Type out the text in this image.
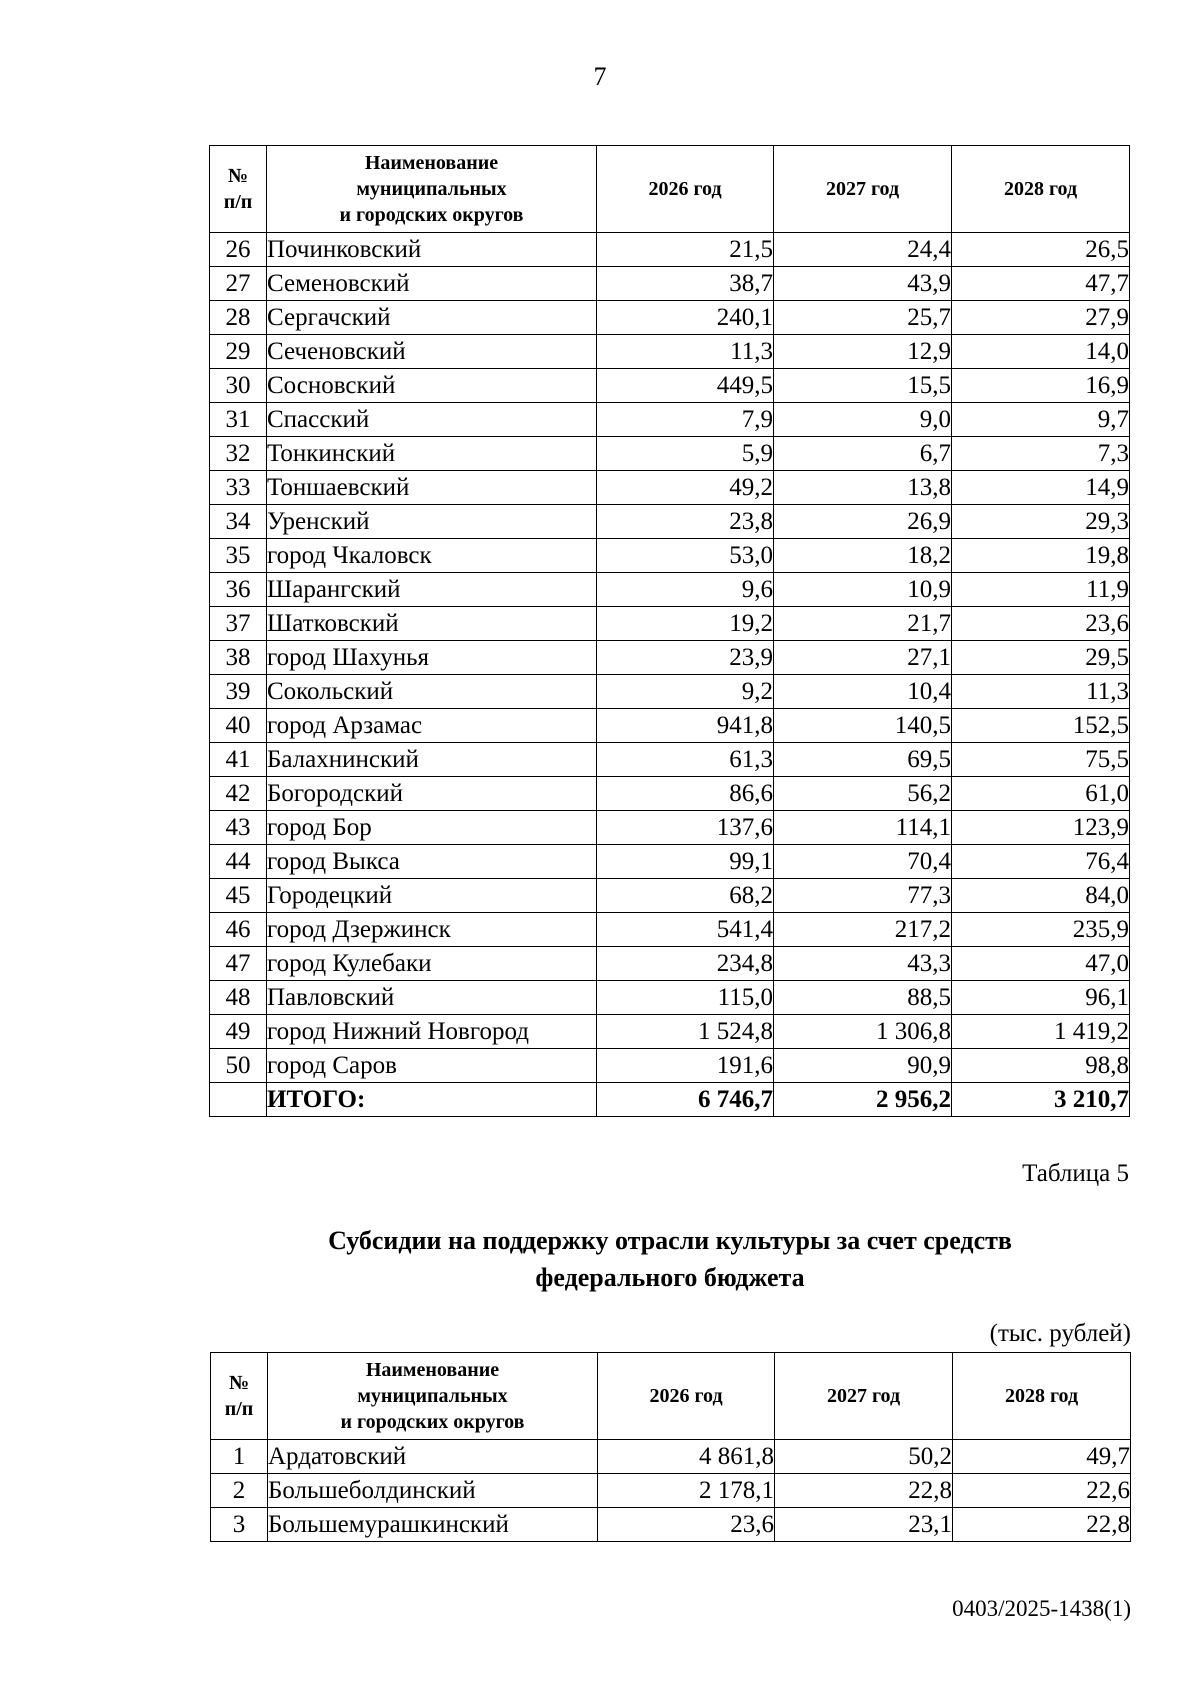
7
№
п/п	Наименование
муниципальных
и городских округов	2026 год	2027 год	2028 год
26	Починковский	21,5	24,4	26,5
27	Семеновский	38,7	43,9	47,7
28	Сергачский	240,1	25,7	27,9
29	Сеченовский	11,3	12,9	14,0
30	Сосновский	449,5	15,5	16,9
31	Спасский	7,9	9,0	9,7
32	Тонкинский	5,9	6,7	7,3
33	Тоншаевский	49,2	13,8	14,9
34	Уренский	23,8	26,9	29,3
35	город Чкаловск	53,0	18,2	19,8
36	Шарангский	9,6	10,9	11,9
37	Шатковский	19,2	21,7	23,6
38	город Шахунья	23,9	27,1	29,5
39	Сокольский	9,2	10,4	11,3
40	город Арзамас	941,8	140,5	152,5
41	Балахнинский	61,3	69,5	75,5
42	Богородский	86,6	56,2	61,0
43	город Бор	137,6	114,1	123,9
44	город Выкса	99,1	70,4	76,4
45	Городецкий	68,2	77,3	84,0
46	город Дзержинск	541,4	217,2	235,9
47	город Кулебаки	234,8	43,3	47,0
48	Павловский	115,0	88,5	96,1
49	город Нижний Новгород	1 524,8	1 306,8	1 419,2
50	город Саров	191,6	90,9	98,8
	ИТОГО:	6 746,7	2 956,2	3 210,7
Таблица 5
Субсидии на поддержку отрасли культуры за счет средств
федерального бюджета
(тыс. рублей)
№
п/п	Наименование
муниципальных
и городских округов	2026 год	2027 год	2028 год
1	Ардатовский	4 861,8	50,2	49,7
2	Большеболдинский	2 178,1	22,8	22,6
3	Большемурашкинский	23,6	23,1	22,8
0403/2025-1438(1)
